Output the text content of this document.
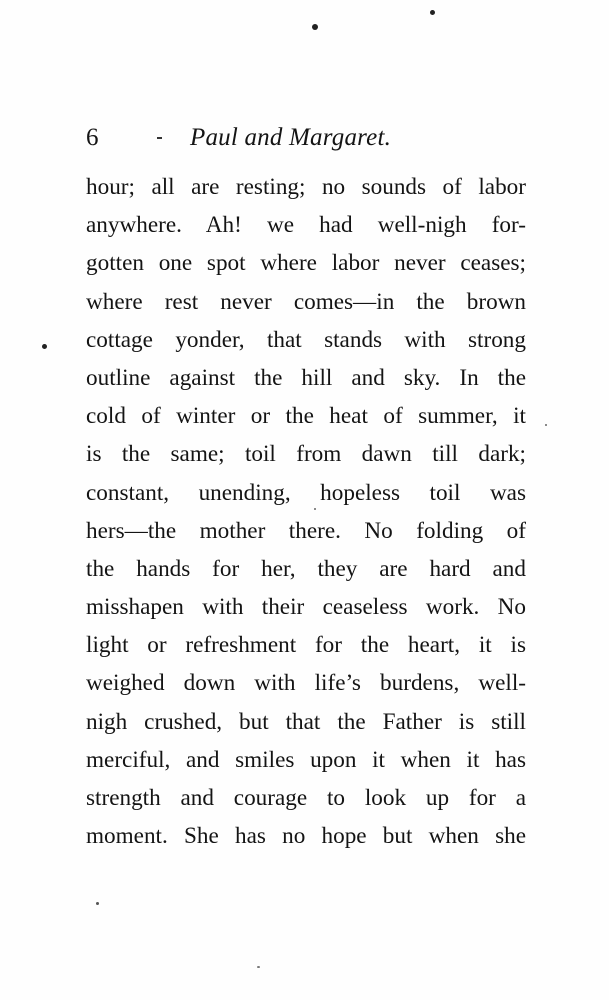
6	Paul and Margaret.
hour; all are resting; no sounds of labor
anywhere. Ah! we had well-nigh for-
gotten one spot where labor never ceases;
where rest never comes—in the brown
cottage yonder, that stands with strong
outline against the hill and sky. In the
cold of winter or the heat of summer, it
is the same; toil from dawn till dark;
constant, unending, hopeless toil was
hers—the mother there. No folding of
the hands for her, they are hard and
misshapen with their ceaseless work. No
light or refreshment for the heart, it is
weighed down with life’s burdens, well-
nigh crushed, but that the Father is still
merciful, and smiles upon it when it has
strength and courage to look up for a
moment. She has no hope but when she
